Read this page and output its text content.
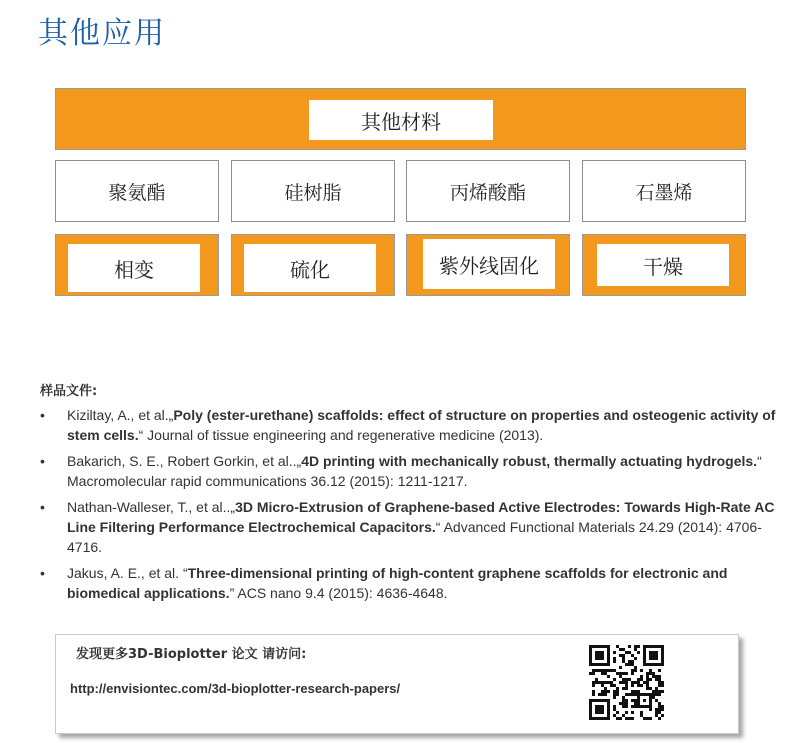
其他应用
其他材料
聚氨酯	硅树脂	丙烯酸酯	石墨烯
相变	硫化	紫外线固化	干燥
样品文件:
• Kiziltay, A., et al.„Poly (ester-urethane) scaffolds: effect of structure on properties and osteogenic activity of stem cells.“ Journal of tissue engineering and regenerative medicine (2013).
• Bakarich, S. E., Robert Gorkin, et al..„4D printing with mechanically robust, thermally actuating hydrogels.“ Macromolecular rapid communications 36.12 (2015): 1211-1217.
• Nathan-Walleser, T., et al..„3D Micro-Extrusion of Graphene-based Active Electrodes: Towards High-Rate AC Line Filtering Performance Electrochemical Capacitors.“ Advanced Functional Materials 24.29 (2014): 4706-4716.
• Jakus, A. E., et al. “Three-dimensional printing of high-content graphene scaffolds for electronic and biomedical applications.” ACS nano 9.4 (2015): 4636-4648.
发现更多3D-Bioplotter 论文 请访问:
http://envisiontec.com/3d-bioplotter-research-papers/
